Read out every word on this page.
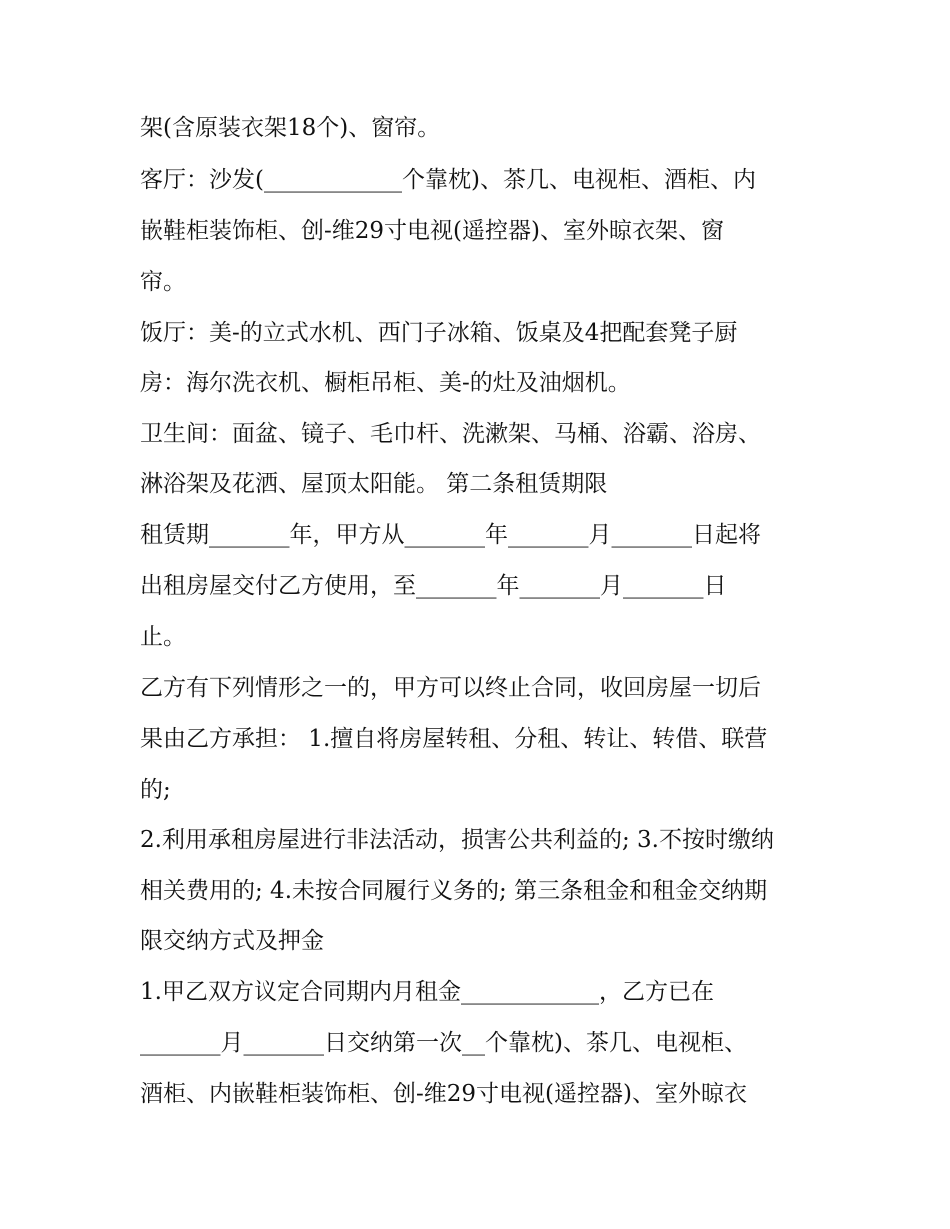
架(含原装衣架18个)、窗帘。
客厅：沙发(____________个靠枕)、茶几、电视柜、酒柜、内
嵌鞋柜装饰柜、创-维29寸电视(遥控器)、室外晾衣架、窗
帘。
饭厅：美-的立式水机、西门子冰箱、饭桌及4把配套凳子厨
房：海尔洗衣机、橱柜吊柜、美-的灶及油烟机。
卫生间：面盆、镜子、毛巾杆、洗漱架、马桶、浴霸、浴房、
淋浴架及花洒、屋顶太阳能。 第二条租赁期限
租赁期_______年，甲方从_______年_______月_______日起将
出租房屋交付乙方使用，至_______年_______月_______日
止。
乙方有下列情形之一的，甲方可以终止合同，收回房屋一切后
果由乙方承担： 1.擅自将房屋转租、分租、转让、转借、联营
的;
2.利用承租房屋进行非法活动，损害公共利益的; 3.不按时缴纳
相关费用的; 4.未按合同履行义务的; 第三条租金和租金交纳期
限交纳方式及押金
1.甲乙双方议定合同期内月租金____________，乙方已在
_______月_______日交纳第一次__个靠枕)、茶几、电视柜、
酒柜、内嵌鞋柜装饰柜、创-维29寸电视(遥控器)、室外晾衣
